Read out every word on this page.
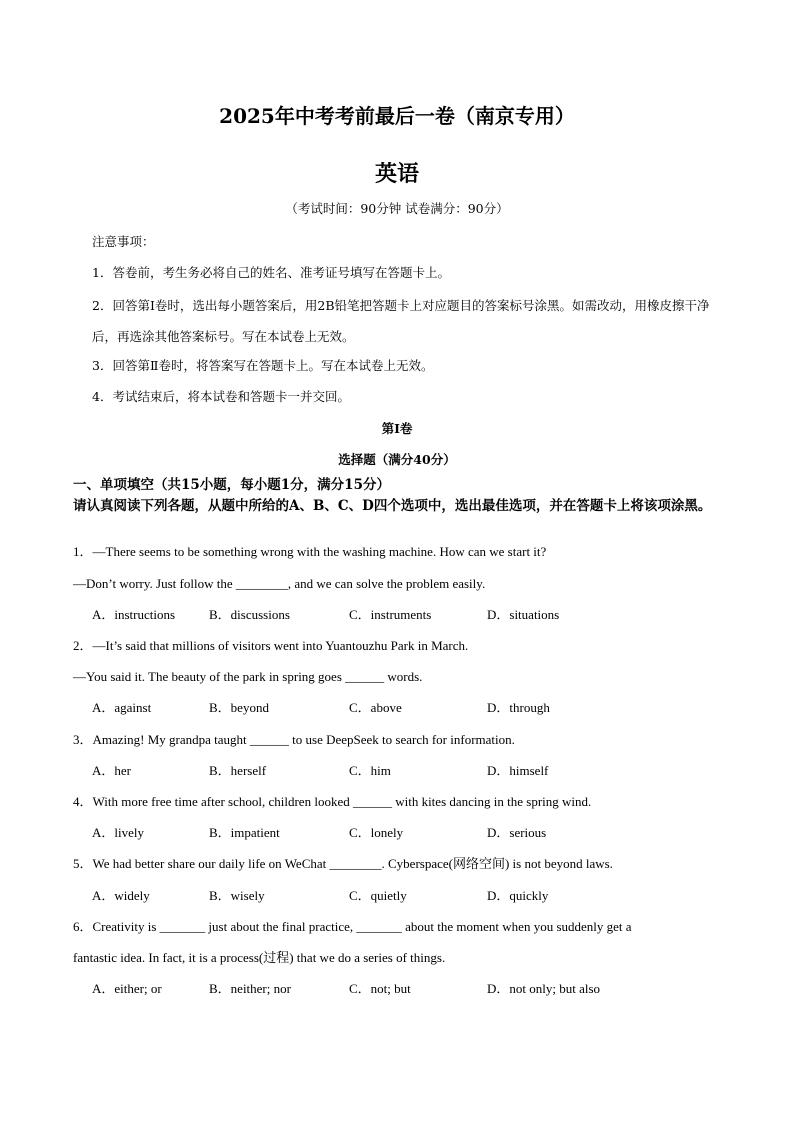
2025年中考考前最后一卷（南京专用）
英语
（考试时间：90分钟 试卷满分：90分）
注意事项：
1．答卷前，考生务必将自己的姓名、准考证号填写在答题卡上。
2．回答第Ⅰ卷时，选出每小题答案后，用2B铅笔把答题卡上对应题目的答案标号涂黑。如需改动，用橡皮擦干净后，再选涂其他答案标号。写在本试卷上无效。
3．回答第Ⅱ卷时，将答案写在答题卡上。写在本试卷上无效。
4．考试结束后，将本试卷和答题卡一并交回。
第Ⅰ卷
选择题（满分40分）
一、单项填空（共15小题，每小题1分，满分15分）
请认真阅读下列各题，从题中所给的A、B、C、D四个选项中，选出最佳选项，并在答题卡上将该项涂黑。
1．—There seems to be something wrong with the washing machine. How can we start it?
—Don’t worry. Just follow the ________, and we can solve the problem easily.
A．instructions	B．discussions	C．instruments	D．situations
2．—It’s said that millions of visitors went into Yuantouzhu Park in March.
—You said it. The beauty of the park in spring goes ______ words.
A．against	B．beyond	C．above	D．through
3．Amazing! My grandpa taught ______ to use DeepSeek to search for information.
A．her	B．herself	C．him	D．himself
4．With more free time after school, children looked ______ with kites dancing in the spring wind.
A．lively	B．impatient	C．lonely	D．serious
5．We had better share our daily life on WeChat ________. Cyberspace(网络空间) is not beyond laws.
A．widely	B．wisely	C．quietly	D．quickly
6．Creativity is _______ just about the final practice, _______ about the moment when you suddenly get a
fantastic idea. In fact, it is a process(过程) that we do a series of things.
A．either; or	B．neither; nor	C．not; but	D．not only; but also
